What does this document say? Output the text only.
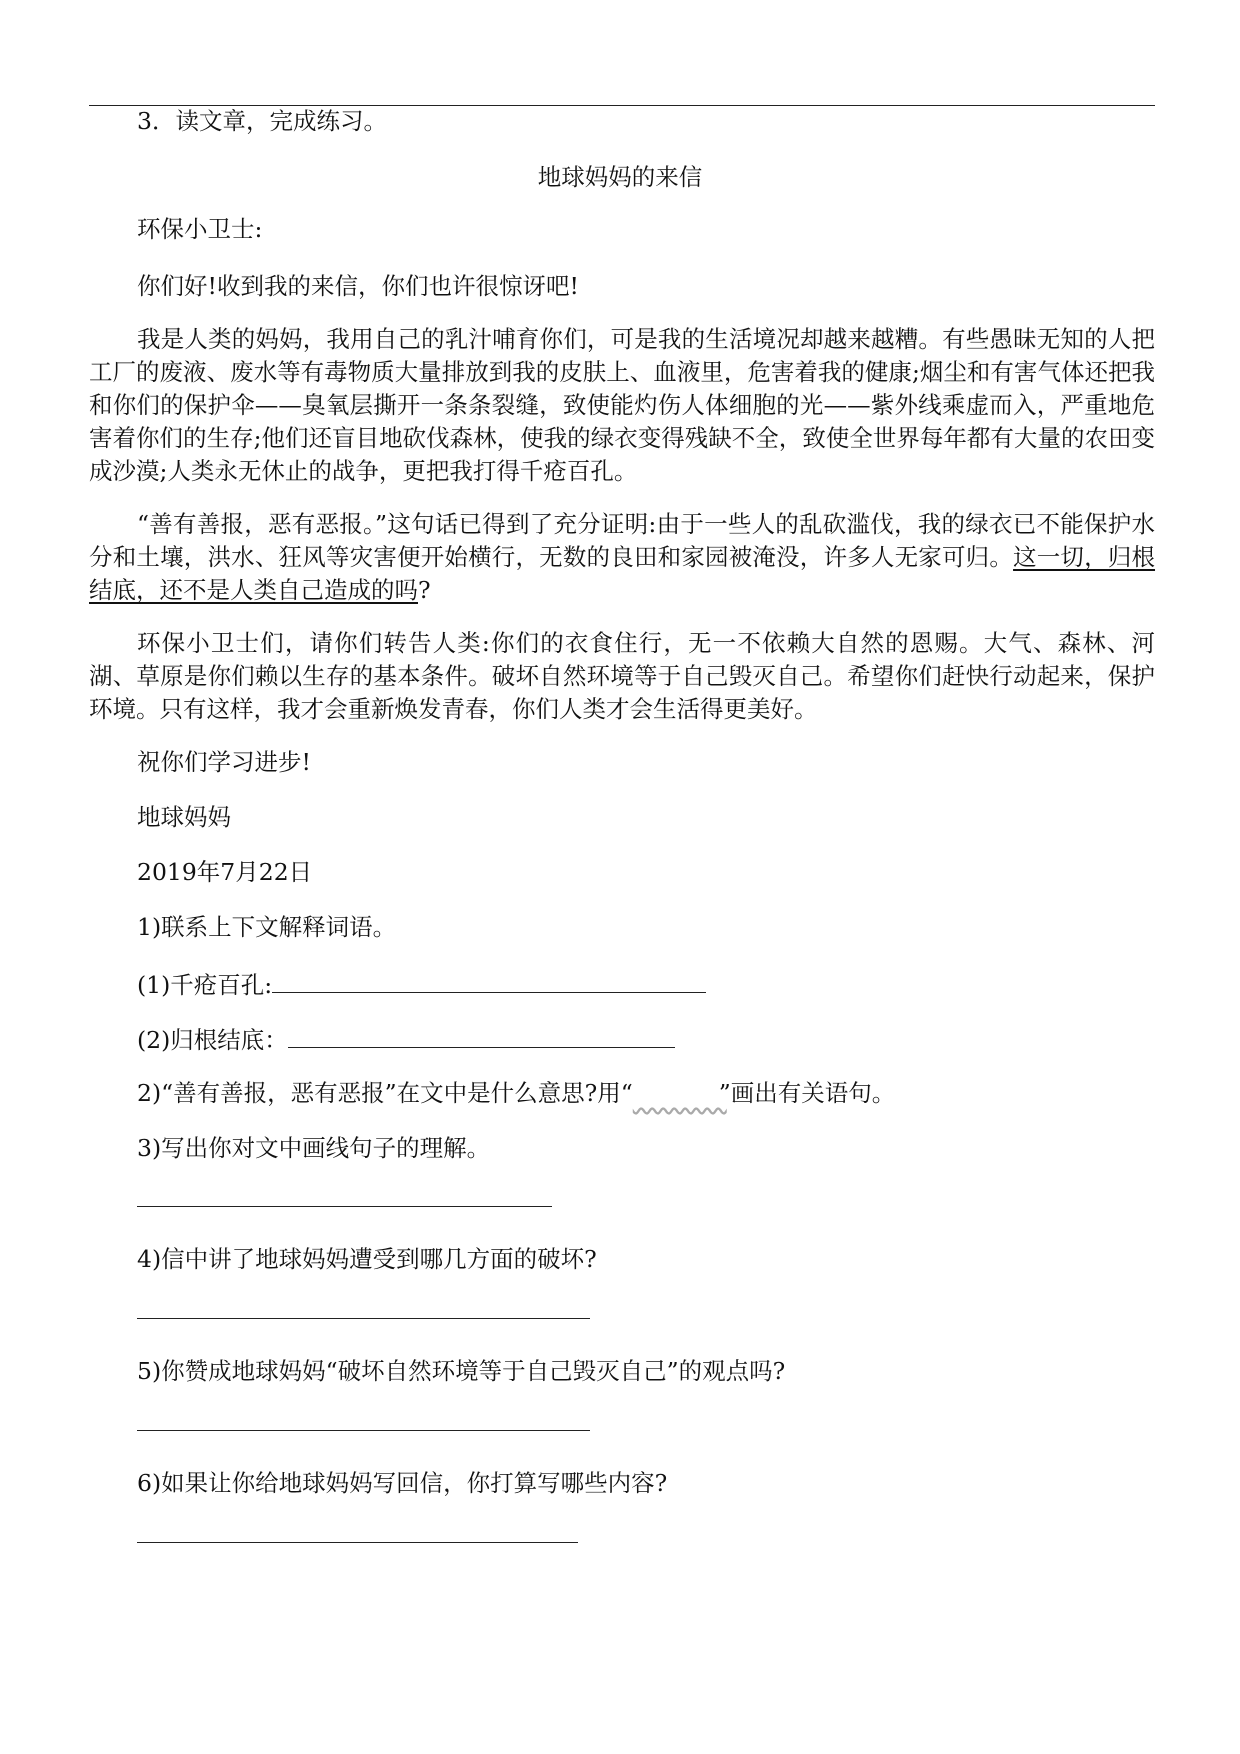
3．读文章，完成练习。
地球妈妈的来信
环保小卫士:
你们好!收到我的来信，你们也许很惊讶吧!

我是人类的妈妈，我用自己的乳汁哺育你们，可是我的生活境况却越来越糟。有些愚昧无知的人把工厂的废液、废水等有毒物质大量排放到我的皮肤上、血液里，危害着我的健康;烟尘和有害气体还把我和你们的保护伞——臭氧层撕开一条条裂缝，致使能灼伤人体细胞的光——紫外线乘虚而入，严重地危害着你们的生存;他们还盲目地砍伐森林，使我的绿衣变得残缺不全，致使全世界每年都有大量的农田变成沙漠;人类永无休止的战争，更把我打得千疮百孔。

“善有善报，恶有恶报。”这句话已得到了充分证明:由于一些人的乱砍滥伐，我的绿衣已不能保护水分和土壤，洪水、狂风等灾害便开始横行，无数的良田和家园被淹没，许多人无家可归。这一切，归根结底，还不是人类自己造成的吗?

环保小卫士们，请你们转告人类:你们的衣食住行，无一不依赖大自然的恩赐。大气、森林、河湖、草原是你们赖以生存的基本条件。破坏自然环境等于自己毁灭自己。希望你们赶快行动起来，保护环境。只有这样，我才会重新焕发青春，你们人类才会生活得更美好。

祝你们学习进步!
地球妈妈
2019年7月22日
1)联系上下文解释词语。
(1)千疮百孔:
(2)归根结底：
2)“善有善报，恶有恶报”在文中是什么意思?用“	”画出有关语句。
3)写出你对文中画线句子的理解。
4)信中讲了地球妈妈遭受到哪几方面的破坏?
5)你赞成地球妈妈“破坏自然环境等于自己毁灭自己”的观点吗?
6)如果让你给地球妈妈写回信，你打算写哪些内容?
